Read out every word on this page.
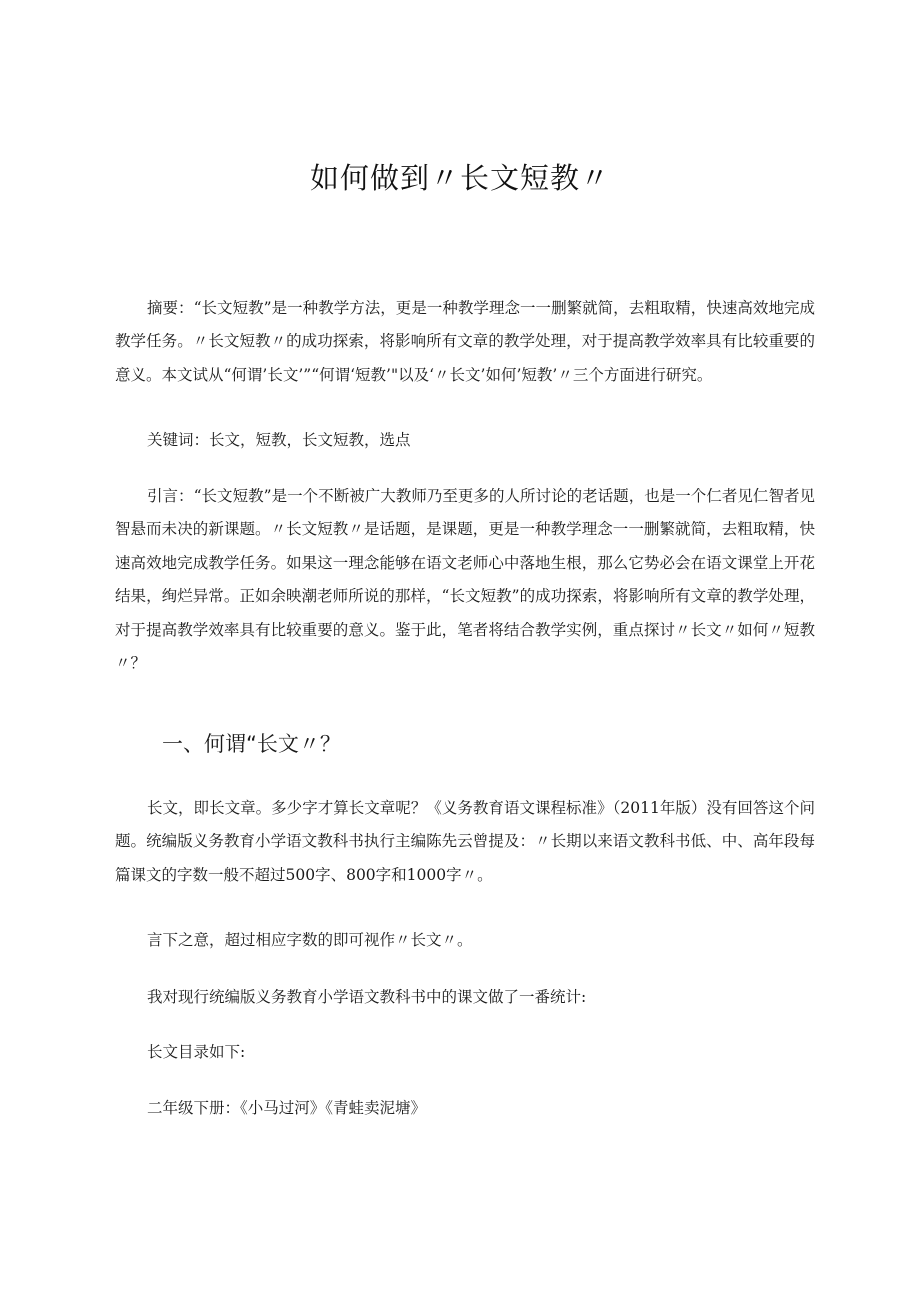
如何做到〃长文短教〃

摘要：“长文短教”是一种教学方法，更是一种教学理念一一删繁就简，去粗取精，快速高效地完成教学任务。〃长文短教〃的成功探索，将影响所有文章的教学处理，对于提高教学效率具有比较重要的意义。本文试从“何谓’长文’”“何谓‘短教’"以及‘〃长文’如何’短教’〃三个方面进行研究。

关键词：长文，短教，长文短教，选点

引言：“长文短教”是一个不断被广大教师乃至更多的人所讨论的老话题，也是一个仁者见仁智者见智悬而未决的新课题。〃长文短教〃是话题，是课题，更是一种教学理念一一删繁就简，去粗取精，快速高效地完成教学任务。如果这一理念能够在语文老师心中落地生根，那么它势必会在语文课堂上开花结果，绚烂异常。正如余映潮老师所说的那样，“长文短教”的成功探索，将影响所有文章的教学处理，对于提高教学效率具有比较重要的意义。鉴于此，笔者将结合教学实例，重点探讨〃长文〃如何〃短教〃？

一、何谓“长文〃？

长文，即长文章。多少字才算长文章呢？《义务教育语文课程标准》（2011年版）没有回答这个问题。统编版义务教育小学语文教科书执行主编陈先云曾提及：〃长期以来语文教科书低、中、高年段每篇课文的字数一般不超过500字、800字和1000字〃。

言下之意，超过相应字数的即可视作〃长文〃。

我对现行统编版义务教育小学语文教科书中的课文做了一番统计:

长文目录如下:

二年级下册：《小马过河》《青蛙卖泥塘》
